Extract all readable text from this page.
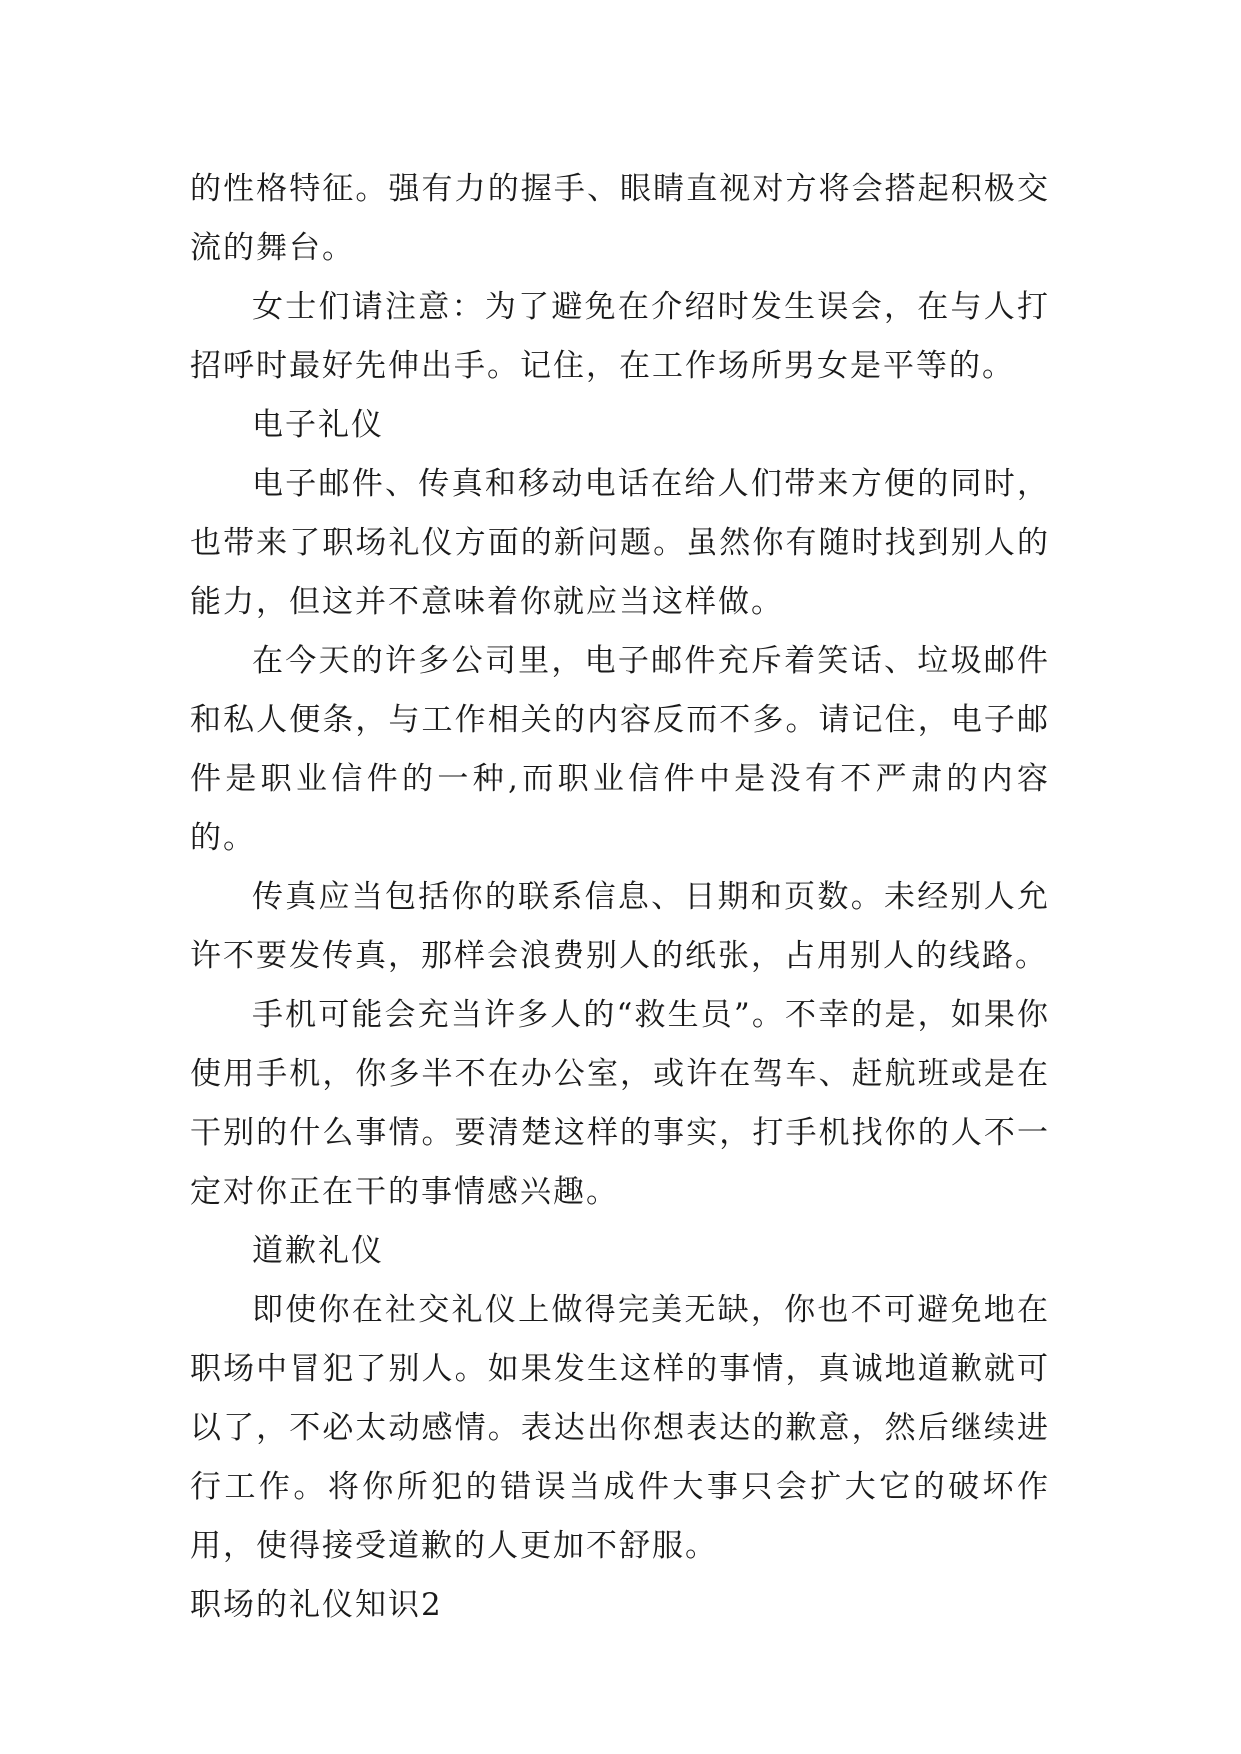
的性格特征。强有力的握手、眼睛直视对方将会搭起积极交流的舞台。

女士们请注意：为了避免在介绍时发生误会，在与人打招呼时最好先伸出手。记住，在工作场所男女是平等的。

电子礼仪

电子邮件、传真和移动电话在给人们带来方便的同时，也带来了职场礼仪方面的新问题。虽然你有随时找到别人的能力，但这并不意味着你就应当这样做。

在今天的许多公司里，电子邮件充斥着笑话、垃圾邮件和私人便条，与工作相关的内容反而不多。请记住，电子邮件是职业信件的一种,而职业信件中是没有不严肃的内容的。

传真应当包括你的联系信息、日期和页数。未经别人允许不要发传真，那样会浪费别人的纸张，占用别人的线路。

手机可能会充当许多人的“救生员”。不幸的是，如果你使用手机，你多半不在办公室，或许在驾车、赶航班或是在干别的什么事情。要清楚这样的事实，打手机找你的人不一定对你正在干的事情感兴趣。

道歉礼仪

即使你在社交礼仪上做得完美无缺，你也不可避免地在职场中冒犯了别人。如果发生这样的事情，真诚地道歉就可以了，不必太动感情。表达出你想表达的歉意，然后继续进行工作。将你所犯的错误当成件大事只会扩大它的破坏作用，使得接受道歉的人更加不舒服。

职场的礼仪知识2
